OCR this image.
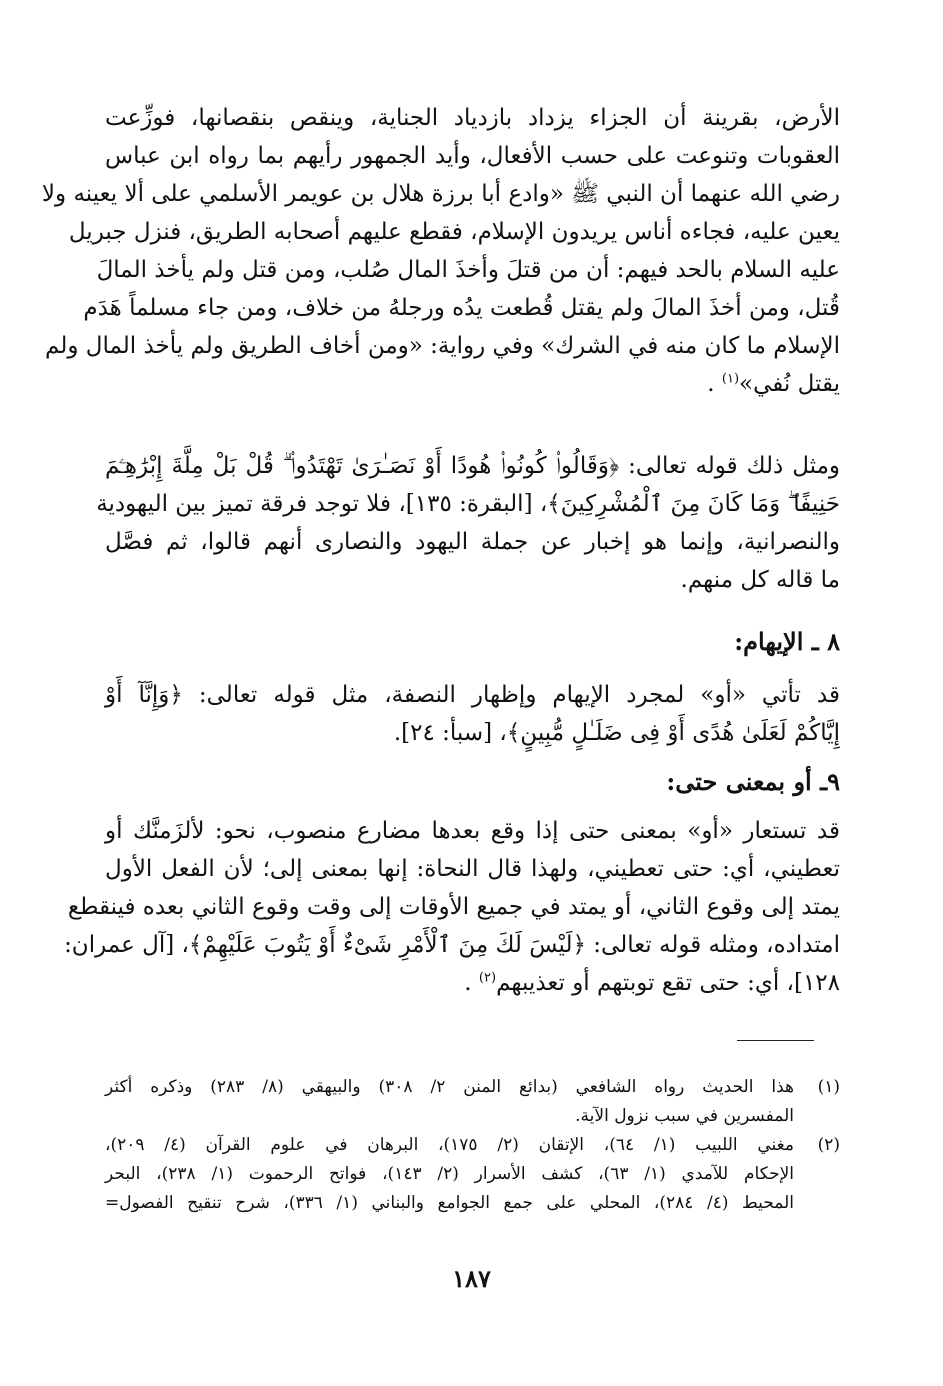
الأرض، بقرينة أن الجزاء يزداد بازدياد الجناية، وينقص بنقصانها، فوزِّعت
العقوبات وتنوعت على حسب الأفعال، وأيد الجمهور رأيهم بما رواه ابن عباس
رضي الله عنهما أن النبي ﷺ «وادع أبا برزة هلال بن عويمر الأسلمي على ألا يعينه ولا
يعين عليه، فجاءه أناس يريدون الإسلام، فقطع عليهم أصحابه الطريق، فنزل جبريل
عليه السلام بالحد فيهم: أن من قتلَ وأخذَ المال صُلب، ومن قتل ولم يأخذ المالَ
قُتل، ومن أخذَ المالَ ولم يقتل قُطعت يدُه ورجلهُ من خلاف، ومن جاء مسلماً هَدَم
الإسلام ما كان منه في الشرك» وفي رواية: «ومن أخاف الطريق ولم يأخذ المال ولم
يقتل نُفي»$^{(١)}$ .
ومثل ذلك قوله تعالى: ﴿وَقَالُوا۟ كُونُوا۟ هُودًا أَوْ نَصَـٰرَىٰ تَهْتَدُوا۟ ۗ قُلْ بَلْ مِلَّةَ إِبْرَٰهِـۧمَ
حَنِيفًا ۖ وَمَا كَانَ مِنَ ٱلْمُشْرِكِينَ﴾، [البقرة: ١٣٥]، فلا توجد فرقة تميز بين اليهودية
والنصرانية، وإنما هو إخبار عن جملة اليهود والنصارى أنهم قالوا، ثم فصَّل
ما قاله كل منهم.
٨ ـ الإيهام:
قد تأتي «أو» لمجرد الإيهام وإظهار النصفة، مثل قوله تعالى: ﴿وَإِنَّآ أَوْ
إِيَّاكُمْ لَعَلَىٰ هُدًى أَوْ فِى ضَلَـٰلٍ مُّبِينٍ﴾، [سبأ: ٢٤].
٩ـ أو بمعنى حتى:
قد تستعار «أو» بمعنى حتى إذا وقع بعدها مضارع منصوب، نحو: لألزَمنَّك أو
تعطيني، أي: حتى تعطيني، ولهذا قال النحاة: إنها بمعنى إلى؛ لأن الفعل الأول
يمتد إلى وقوع الثاني، أو يمتد في جميع الأوقات إلى وقت وقوع الثاني بعده فينقطع
امتداده، ومثله قوله تعالى: ﴿لَيْسَ لَكَ مِنَ ٱلْأَمْرِ شَىْءٌ أَوْ يَتُوبَ عَلَيْهِمْ﴾، [آل عمران:
١٢٨]، أي: حتى تقع توبتهم أو تعذيبهم$^{(٢)}$ .
(١)
هذا الحديث رواه الشافعي (بدائع المنن ٢/ ٣٠٨) والبيهقي (٨/ ٢٨٣) وذكره أكثر
المفسرين في سبب نزول الآية.
(٢)
مغني اللبيب (١/ ٦٤)، الإتقان (٢/ ١٧٥)، البرهان في علوم القرآن (٤/ ٢٠٩)،
الإحكام للآمدي (١/ ٦٣)، كشف الأسرار (٢/ ١٤٣)، فواتح الرحموت (١/ ٢٣٨)، البحر
المحيط (٤/ ٢٨٤)، المحلي على جمع الجوامع والبناني (١/ ٣٣٦)، شرح تنقيح الفصول=
١٨٧
